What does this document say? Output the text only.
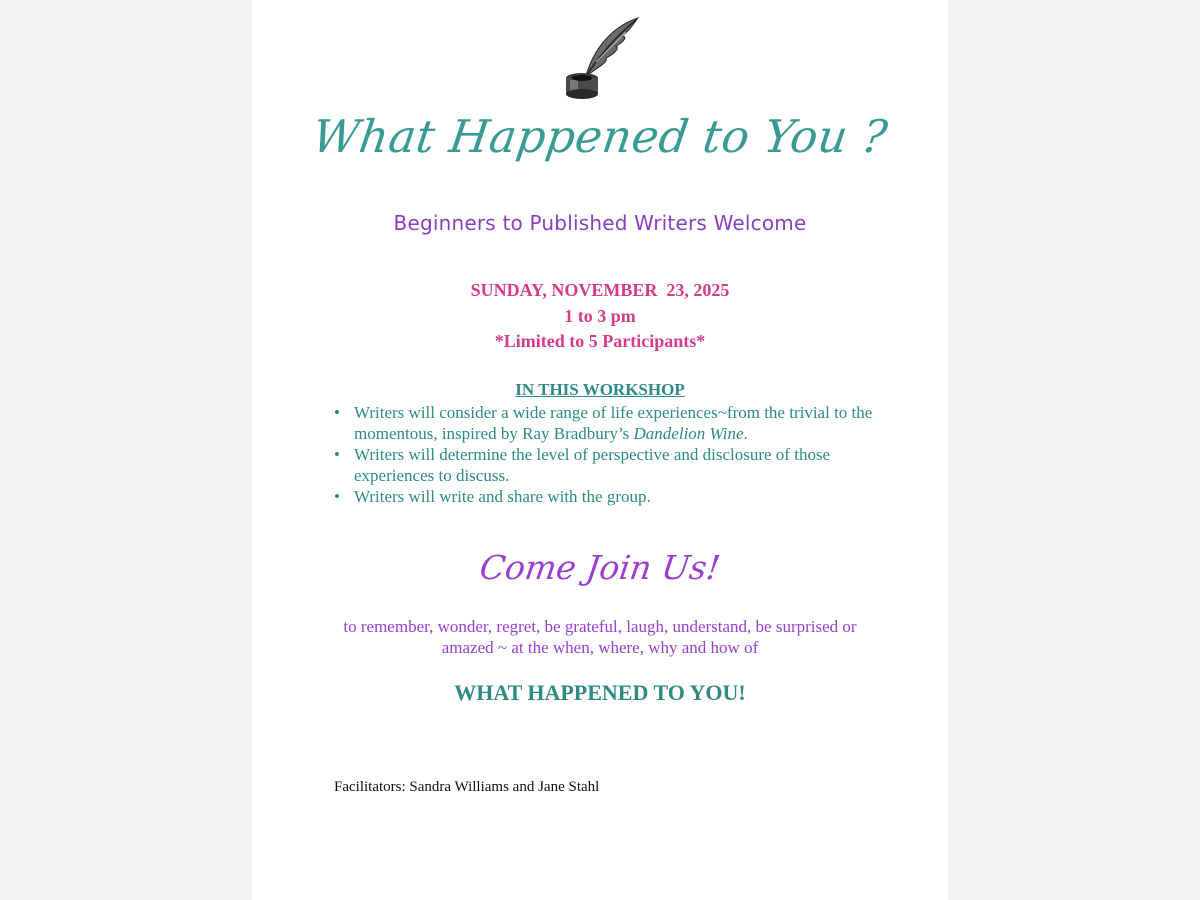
What Happened to You ?
Beginners to Published Writers Welcome
SUNDAY, NOVEMBER  23, 2025
1 to 3 pm
*Limited to 5 Participants*
IN THIS WORKSHOP
• Writers will consider a wide range of life experiences~from the trivial to the momentous, inspired by Ray Bradbury’s Dandelion Wine.
• Writers will determine the level of perspective and disclosure of those experiences to discuss.
• Writers will write and share with the group.
Come Join Us!
to remember, wonder, regret, be grateful, laugh, understand, be surprised or amazed ~ at the when, where, why and how of
WHAT HAPPENED TO YOU!
Facilitators: Sandra Williams and Jane Stahl
